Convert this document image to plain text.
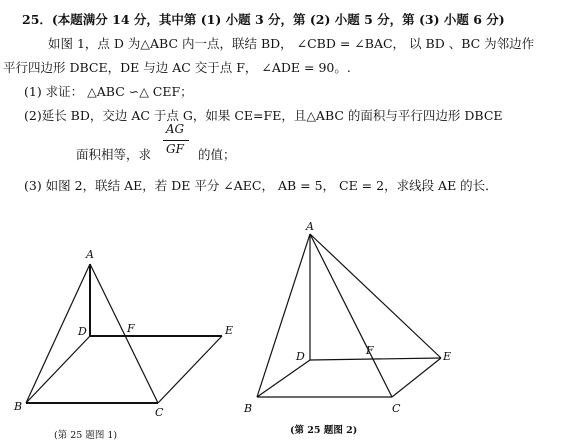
25．(本题满分 14 分，其中第 (1) 小题 3 分，第 (2) 小题 5 分，第 (3) 小题 6 分)
如图 1，点 D 为△ABC 内一点，联结 BD， ∠CBD = ∠BAC， 以 BD 、BC 为邻边作
平行四边形 DBCE，DE 与边 AC 交于点 F， ∠ADE = 90。.
(1) 求证： △ABC ∽△ CEF；
(2)延长 BD，交边 AC 于点 G，如果 CE=FE，且△ABC 的面积与平行四边形 DBCE
面积相等，求
AG
GF	的值；
(3) 如图 2，联结 AE，若 DE 平分 ∠AEC， AB = 5， CE = 2，求线段 AE 的长．
A
B	C
D	E
F
(第 25 题图 1)
A
B	C
D	E
F
(第 25 题图 2)
